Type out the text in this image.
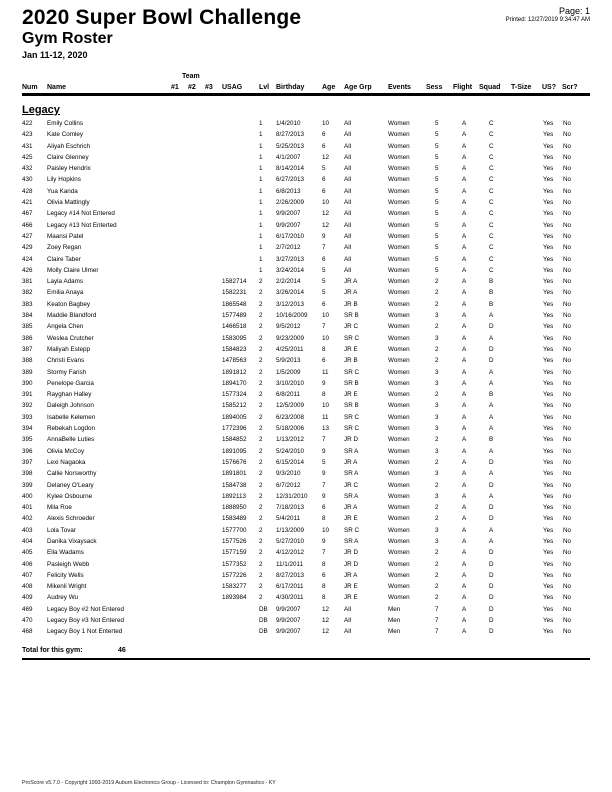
2020 Super Bowl Challenge
Gym Roster
Jan 11-12, 2020
Page: 1
Printed: 12/27/2019 9:34:47 AM
Team
Num Name	#1 #2 #3 USAG Lvl Birthday	Age Age Grp Events Sess Flight Squad T-Size US? Scr?
Legacy
422 Emily Collins	1 1/4/2010	10 All	Women	5	A	C	Yes No
423 Kate Comley	1 8/27/2013	6	All	Women	5	A	C	Yes No
431 Aliyah Eschrich	1 5/25/2013	6	All	Women	5	A	C	Yes No
425 Claire Glenney	1 4/1/2007	12 All	Women	5	A	C	Yes No
432 Paisley Hendrix	1 8/14/2014	5	All	Women	5	A	C	Yes No
430 Lily Hopkins	1 6/27/2013	6	All	Women	5	A	C	Yes No
428 Yua Kanda	1 6/8/2013	6	All	Women	5	A	C	Yes No
421 Olivia Mattingly	1 2/26/2009	10 All	Women	5	A	C	Yes No
467 Legacy #14 Not Entered	1 9/9/2007	12 All	Women	5	A	C	Yes No
466 Legacy #13 Not Enterted	1 9/9/2007	12 All	Women	5	A	C	Yes No
427 Maansi Patel	1 6/17/2010	9	All	Women	5	A	C	Yes No
429 Zoey Regan	1 2/7/2012	7	All	Women	5	A	C	Yes No
424 Claire Taber	1 3/27/2013	6	All	Women	5	A	C	Yes No
426 Molly Claire Ulmer	1 3/24/2014	5	All	Women	5	A	C	Yes No
381 Layla Adams	1582714 2 2/2/2014	5	JR A	Women	2	A	B	Yes No
382 Emilia Anaya	1582231 2 3/26/2014	5	JR A	Women	2	A	B	Yes No
383 Keaton Bagbey	1865548 2 3/12/2013	6	JR B	Women	2	A	B	Yes No
384 Maddie Blandford	1577489 2 10/16/2009 10 SR B	Women	3	A	A	Yes No
385 Angela Chen	1466518 2 9/5/2012	7	JR C	Women	2	A	D	Yes No
386 Weslea Crutcher	1583095 2 9/23/2009	10 SR C	Women	3	A	A	Yes No
387 Maliyah Estepp	1584823 2 4/25/2011	8	JR E	Women	2	A	D	Yes No
388 Christi Evans	1478563 2 5/9/2013	6	JR B	Women	2	A	D	Yes No
389 Stormy Farish	1891812 2 1/5/2009	11 SR C	Women	3	A	A	Yes No
390 Penelope Garcia	1894170 2 3/10/2010	9	SR B	Women	3	A	A	Yes No
391 Rayghan Halley	1577324 2 6/8/2011	8	JR E	Women	2	A	B	Yes No
392 Daleigh Johnson	1585212 2 12/5/2009	10 SR B	Women	3	A	A	Yes No
393 Isabelle Kelemen	1894005 2 6/23/2008	11 SR C	Women	3	A	A	Yes No
394 Rebekah Logdon	1772396 2 5/18/2006	13 SR C	Women	3	A	A	Yes No
395 AnnaBelle Luties	1584852 2 1/13/2012	7	JR D	Women	2	A	B	Yes No
396 Olivia McCoy	1891095 2 5/24/2010	9	SR A	Women	3	A	A	Yes No
397 Lexi Nagaoka	1576676 2 6/15/2014	5	JR A	Women	2	A	D	Yes No
398 Callie Norsworthy	1891801 2 9/3/2010	9	SR A	Women	3	A	A	Yes No
399 Delaney O'Leary	1584738 2 6/7/2012	7	JR C	Women	2	A	D	Yes No
400 Kylee Osbourne	1892113 2 12/31/2010 9	SR A	Women	3	A	A	Yes No
401 Mila Roe	1888950 2 7/18/2013	6	JR A	Women	2	A	D	Yes No
402 Alexis Schroeder	1583489 2 5/4/2011	8	JR E	Women	2	A	D	Yes No
403 Lola Tovar	1577700 2 1/13/2009	10 SR C	Women	3	A	A	Yes No
404 Danika Vixaysack	1577526 2 5/27/2010	9	SR A	Women	3	A	A	Yes No
405 Ella Wadams	1577159 2 4/12/2012	7	JR D	Women	2	A	D	Yes No
406 Pasleigh Webb	1577352 2 11/1/2011	8	JR D	Women	2	A	D	Yes No
407 Felicity Wells	1577226 2 8/27/2013	6	JR A	Women	2	A	D	Yes No
408 Mikenli Wright	1583277 2 6/17/2011	8	JR E	Women	2	A	D	Yes No
409 Audrey Wu	1893984 2 4/30/2011	8	JR E	Women	2	A	D	Yes No
469 Legacy Boy #2 Not Entered	DB 9/9/2007	12 All	Men	7	A	D	Yes No
470 Legacy Boy #3 Not Entered	DB 9/9/2007	12 All	Men	7	A	D	Yes No
468 Legacy Boy 1 Not Enterted	DB 9/9/2007	12 All	Men	7	A	D	Yes No
Total for this gym:	46
ProScore v5.7.0 - Copyright 1993-2019 Auburn Electronics Group - Licensed to: Champion Gymnastics - KY
